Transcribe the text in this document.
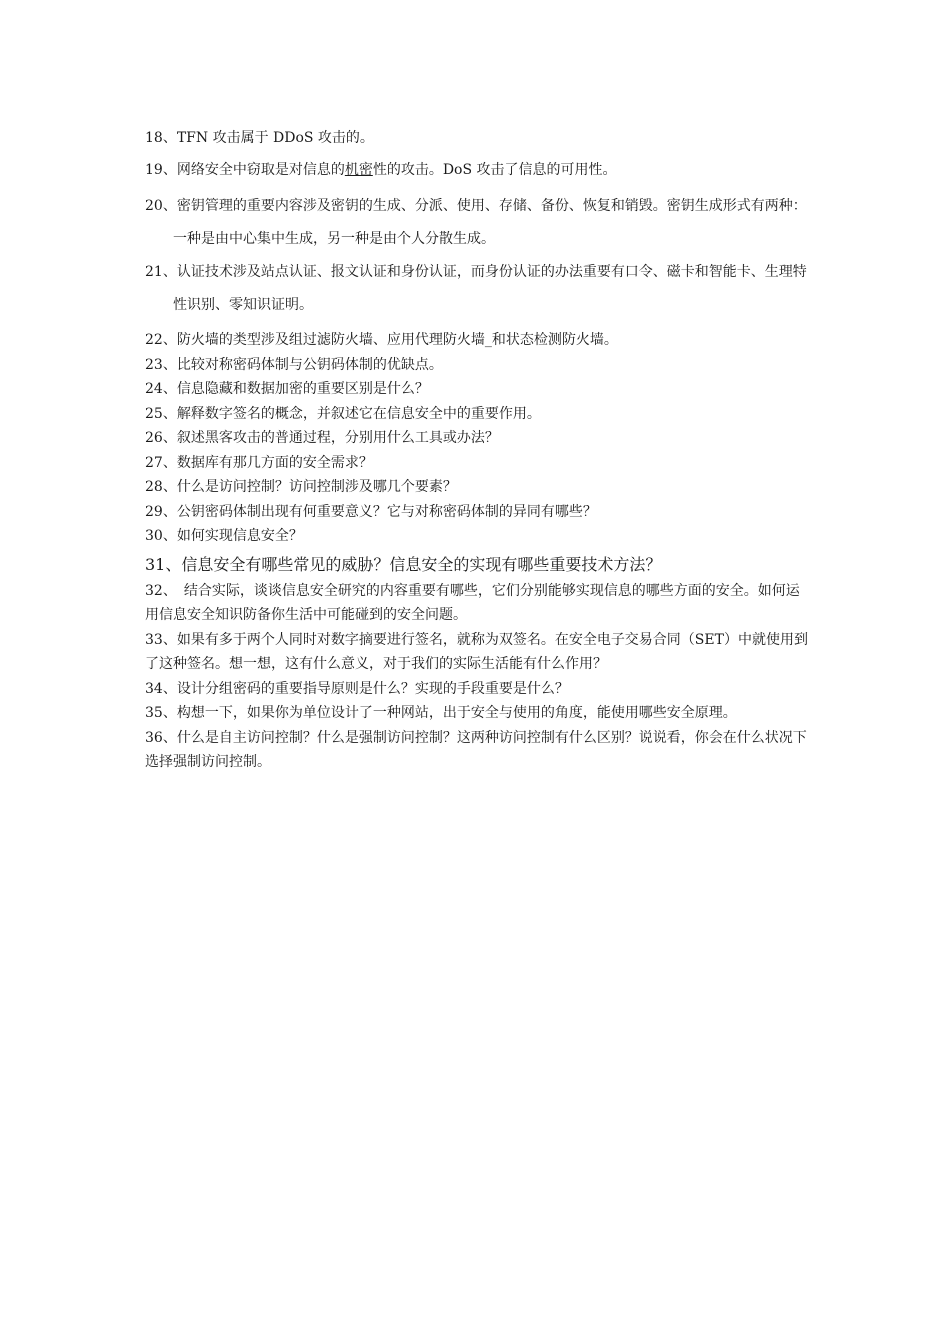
18、TFN 攻击属于 DDoS 攻击的。

19、网络安全中窃取是对信息的机密性的攻击。DoS 攻击了信息的可用性。

20、密钥管理的重要内容涉及密钥的生成、分派、使用、存储、备份、恢复和销毁。密钥生成形式有两种：一种是由中心集中生成，另一种是由个人分散生成。

21、认证技术涉及站点认证、报文认证和身份认证，而身份认证的办法重要有口令、磁卡和智能卡、生理特性识别、零知识证明。

22、防火墙的类型涉及组过滤防火墙、应用代理防火墙_和状态检测防火墙。

23、比较对称密码体制与公钥码体制的优缺点。

24、信息隐藏和数据加密的重要区别是什么？

25、解释数字签名的概念，并叙述它在信息安全中的重要作用。

26、叙述黑客攻击的普通过程，分别用什么工具或办法？

27、数据库有那几方面的安全需求？

28、什么是访问控制？访问控制涉及哪几个要素？

29、公钥密码体制出现有何重要意义？它与对称密码体制的异同有哪些？

30、如何实现信息安全？

31、信息安全有哪些常见的威胁？信息安全的实现有哪些重要技术方法？

32、　结合实际，谈谈信息安全研究的内容重要有哪些，它们分别能够实现信息的哪些方面的安全。如何运用信息安全知识防备你生活中可能碰到的安全问题。

33、如果有多于两个人同时对数字摘要进行签名，就称为双签名。在安全电子交易合同（SET）中就使用到了这种签名。想一想，这有什么意义，对于我们的实际生活能有什么作用？

34、设计分组密码的重要指导原则是什么？实现的手段重要是什么？

35、构想一下，如果你为单位设计了一种网站，出于安全与使用的角度，能使用哪些安全原理。

36、什么是自主访问控制？什么是强制访问控制？这两种访问控制有什么区别？说说看，你会在什么状况下选择强制访问控制。
